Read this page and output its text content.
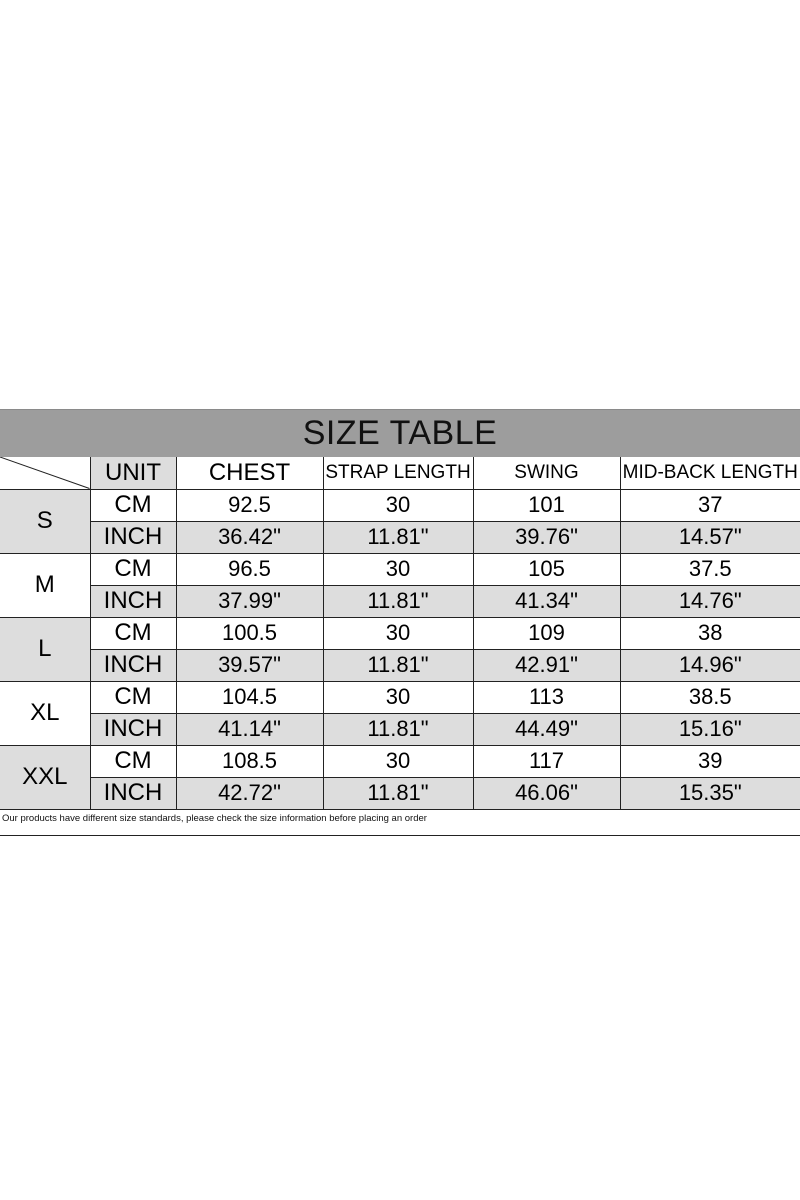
SIZE TABLE
	UNIT	CHEST	STRAP LENGTH	SWING	MID-BACK LENGTH
S	CM	92.5	30	101	37
	INCH	36.42"	11.81"	39.76"	14.57"
M	CM	96.5	30	105	37.5
	INCH	37.99"	11.81"	41.34"	14.76"
L	CM	100.5	30	109	38
	INCH	39.57"	11.81"	42.91"	14.96"
XL	CM	104.5	30	113	38.5
	INCH	41.14"	11.81"	44.49"	15.16"
XXL	CM	108.5	30	117	39
	INCH	42.72"	11.81"	46.06"	15.35"
Our products have different size standards, please check the size information before placing an order
